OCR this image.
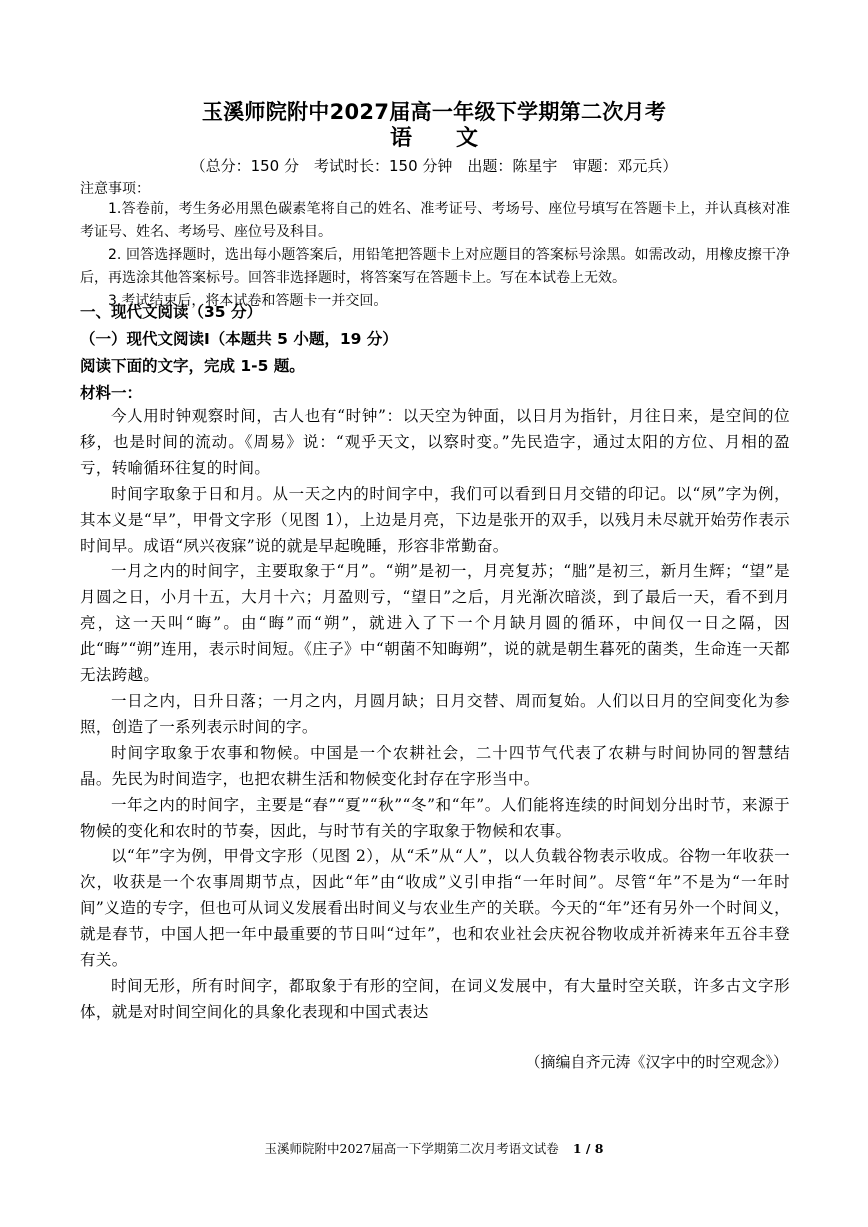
玉溪师院附中2027届高一年级下学期第二次月考
语 文
（总分：150 分　考试时长：150 分钟　出题：陈星宇　审题：邓元兵）
注意事项：

1.答卷前，考生务必用黑色碳素笔将自己的姓名、准考证号、考场号、座位号填写在答题卡上，并认真核对准考证号、姓名、考场号、座位号及科目。

2. 回答选择题时，选出每小题答案后，用铅笔把答题卡上对应题目的答案标号涂黑。如需改动，用橡皮擦干净后，再选涂其他答案标号。回答非选择题时，将答案写在答题卡上。写在本试卷上无效。

3.考试结束后，将本试卷和答题卡一并交回。

一、现代文阅读（35 分）
（一）现代文阅读Ⅰ（本题共 5 小题，19 分）
阅读下面的文字，完成 1-5 题。
材料一：

今人用时钟观察时间，古人也有“时钟”：以天空为钟面，以日月为指针，月往日来，是空间的位移，也是时间的流动。《周易》说：“观乎天文，以察时变。”先民造字，通过太阳的方位、月相的盈亏，转喻循环往复的时间。

时间字取象于日和月。从一天之内的时间字中，我们可以看到日月交错的印记。以“夙”字为例，其本义是“早”，甲骨文字形（见图 1），上边是月亮，下边是张开的双手，以残月未尽就开始劳作表示时间早。成语“夙兴夜寐”说的就是早起晚睡，形容非常勤奋。

一月之内的时间字，主要取象于“月”。“朔”是初一，月亮复苏；“朏”是初三，新月生辉；“望”是月圆之日，小月十五，大月十六；月盈则亏，“望日”之后，月光渐次暗淡，到了最后一天，看不到月亮，这一天叫“晦”。由“晦”而“朔”，就进入了下一个月缺月圆的循环，中间仅一日之隔，因此“晦”“朔”连用，表示时间短。《庄子》中“朝菌不知晦朔”，说的就是朝生暮死的菌类，生命连一天都无法跨越。

一日之内，日升日落；一月之内，月圆月缺；日月交替、周而复始。人们以日月的空间变化为参照，创造了一系列表示时间的字。

时间字取象于农事和物候。中国是一个农耕社会，二十四节气代表了农耕与时间协同的智慧结晶。先民为时间造字，也把农耕生活和物候变化封存在字形当中。

一年之内的时间字，主要是“春”“夏”“秋”“冬”和“年”。人们能将连续的时间划分出时节，来源于物候的变化和农时的节奏，因此，与时节有关的字取象于物候和农事。

以“年”字为例，甲骨文字形（见图 2），从“禾”从“人”，以人负载谷物表示收成。谷物一年收获一次，收获是一个农事周期节点，因此“年”由“收成”义引申指“一年时间”。尽管“年”不是为“一年时间”义造的专字，但也可从词义发展看出时间义与农业生产的关联。今天的“年”还有另外一个时间义，就是春节，中国人把一年中最重要的节日叫“过年”，也和农业社会庆祝谷物收成并祈祷来年五谷丰登有关。

时间无形，所有时间字，都取象于有形的空间，在词义发展中，有大量时空关联，许多古文字形体，就是对时间空间化的具象化表现和中国式表达

（摘编自齐元涛《汉字中的时空观念》）
玉溪师院附中2027届高一下学期第二次月考语文试卷 1 / 8
